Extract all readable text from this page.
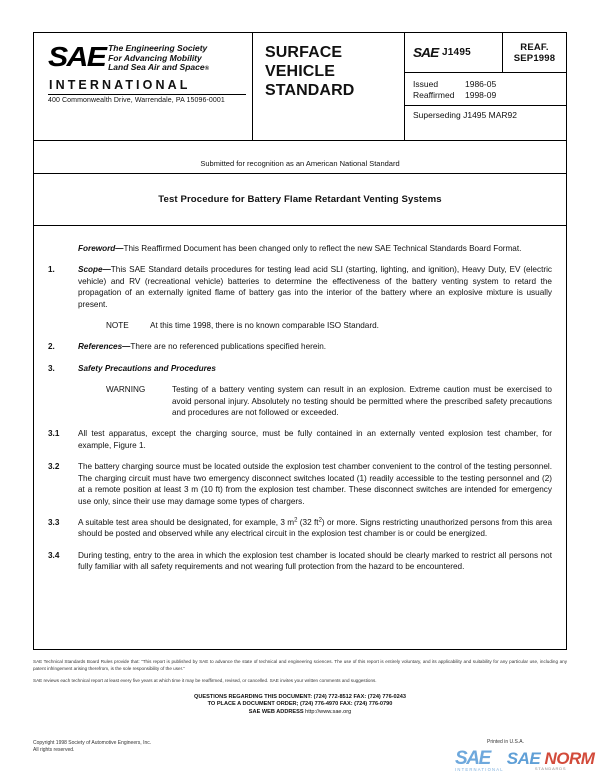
SAE The Engineering Society
For Advancing Mobility
Land Sea Air and Space®
INTERNATIONAL
400 Commonwealth Drive, Warrendale, PA 15096-0001
SURFACE
VEHICLE
STANDARD
SAE J1495	REAF.
SEP1998
Issued	1986-05
Reaffirmed	1998-09
Superseding J1495 MAR92
Submitted for recognition as an American National Standard
Test Procedure for Battery Flame Retardant Venting Systems
Foreword—This Reaffirmed Document has been changed only to reflect the new SAE Technical Standards Board Format.
1.	Scope—This SAE Standard details procedures for testing lead acid SLI (starting, lighting, and ignition), Heavy Duty, EV (electric vehicle) and RV (recreational vehicle) batteries to determine the effectiveness of the battery venting system to retard the propagation of an externally ignited flame of battery gas into the interior of the battery where an explosive mixture is usually present.
NOTE	At this time 1998, there is no known comparable ISO Standard.
2.	References—There are no referenced publications specified herein.
3.	Safety Precautions and Procedures
WARNING	Testing of a battery venting system can result in an explosion. Extreme caution must be exercised to avoid personal injury. Absolutely no testing should be permitted where the prescribed safety precautions and procedures are not followed or exceeded.
3.1	All test apparatus, except the charging source, must be fully contained in an externally vented explosion test chamber, for example, Figure 1.
3.2	The battery charging source must be located outside the explosion test chamber convenient to the control of the testing personnel. The charging circuit must have two emergency disconnect switches located (1) readily accessible to the testing personnel and (2) at a remote position at least 3 m (10 ft) from the explosion test chamber. These disconnect switches are intended for emergency use only, since their use may damage some types of chargers.
3.3	A suitable test area should be designated, for example, 3 $m^2$ (32 $ft^2$) or more. Signs restricting unauthorized persons from this area should be posted and observed while any electrical circuit in the explosion test chamber is or could be energized.
3.4	During testing, entry to the area in which the explosion test chamber is located should be clearly marked to restrict all persons not fully familiar with all safety requirements and not wearing full protection from the hazard to be encountered.
SAE Technical Standards Board Rules provide that: “This report is published by SAE to advance the state of technical and engineering sciences. The use of this report is entirely voluntary, and its applicability and suitability for any particular use, including any patent infringement arising therefrom, is the sole responsibility of the user.”
SAE reviews each technical report at least every five years at which time it may be reaffirmed, revised, or cancelled. SAE invites your written comments and suggestions.
QUESTIONS REGARDING THIS DOCUMENT: (724) 772-8512 FAX: (724) 776-0243
TO PLACE A DOCUMENT ORDER; (724) 776-4970 FAX: (724) 776-0790
SAE WEB ADDRESS http://www.sae.org
Copyright 1998 Society of Automotive Engineers, Inc.
All rights reserved.
Printed in U.S.A.
SAE
INTERNATIONAL
SAE NORM
STANDARDS
